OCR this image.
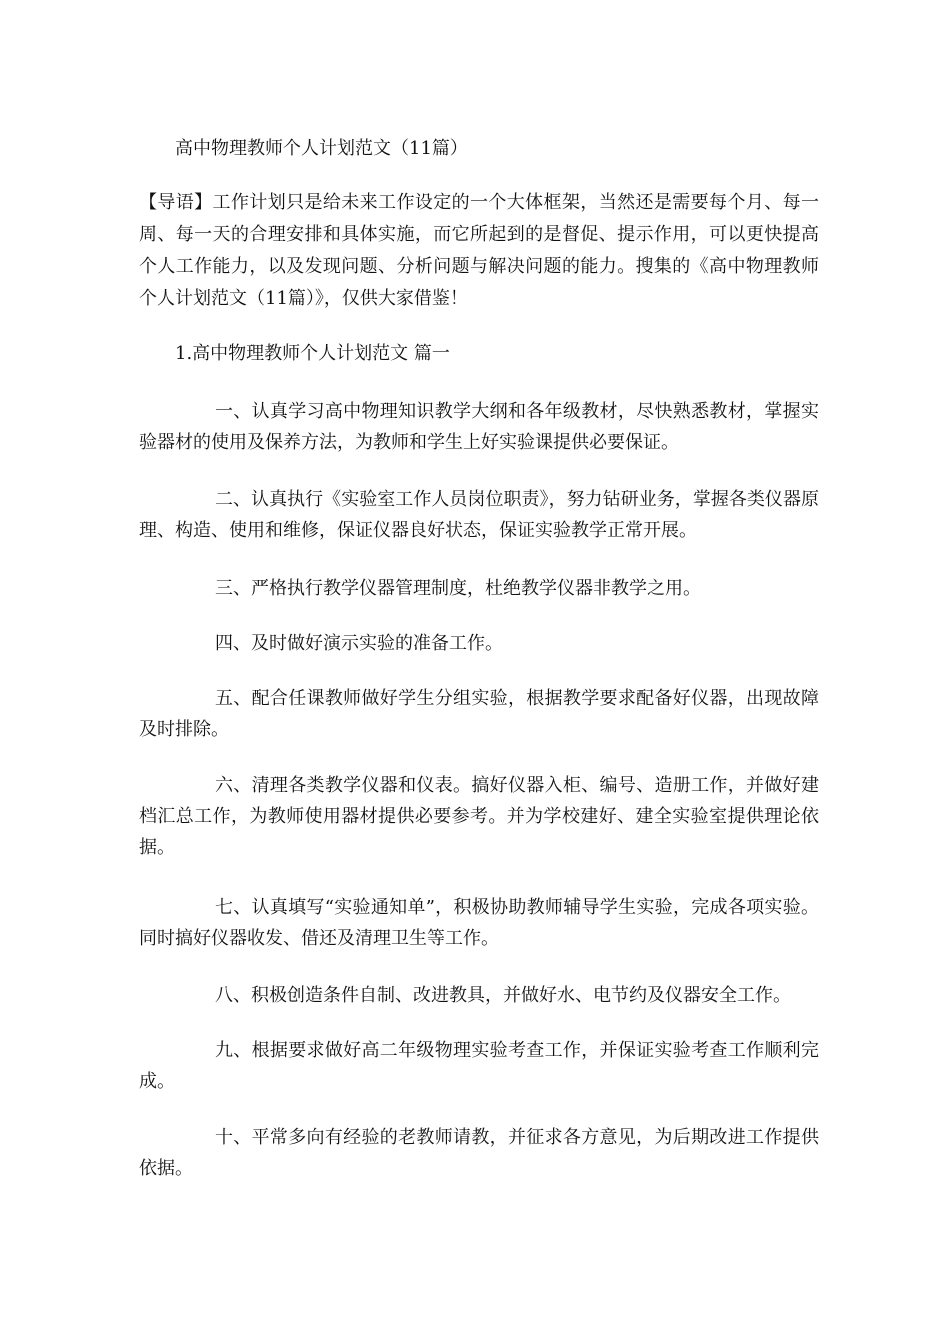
高中物理教师个人计划范文（11篇）
【导语】工作计划只是给未来工作设定的一个大体框架，当然还是需要每个月、每一周、每一天的合理安排和具体实施，而它所起到的是督促、提示作用，可以更快提高个人工作能力，以及发现问题、分析问题与解决问题的能力。搜集的《高中物理教师个人计划范文（11篇）》，仅供大家借鉴！
1.高中物理教师个人计划范文 篇一
一、认真学习高中物理知识教学大纲和各年级教材，尽快熟悉教材，掌握实验器材的使用及保养方法，为教师和学生上好实验课提供必要保证。
二、认真执行《实验室工作人员岗位职责》，努力钻研业务，掌握各类仪器原理、构造、使用和维修，保证仪器良好状态，保证实验教学正常开展。
三、严格执行教学仪器管理制度，杜绝教学仪器非教学之用。
四、及时做好演示实验的准备工作。
五、配合任课教师做好学生分组实验，根据教学要求配备好仪器，出现故障及时排除。
六、清理各类教学仪器和仪表。搞好仪器入柜、编号、造册工作，并做好建档汇总工作，为教师使用器材提供必要参考。并为学校建好、建全实验室提供理论依据。
七、认真填写“实验通知单”，积极协助教师辅导学生实验，完成各项实验。同时搞好仪器收发、借还及清理卫生等工作。
八、积极创造条件自制、改进教具，并做好水、电节约及仪器安全工作。
九、根据要求做好高二年级物理实验考查工作，并保证实验考查工作顺利完成。
十、平常多向有经验的老教师请教，并征求各方意见，为后期改进工作提供依据。
